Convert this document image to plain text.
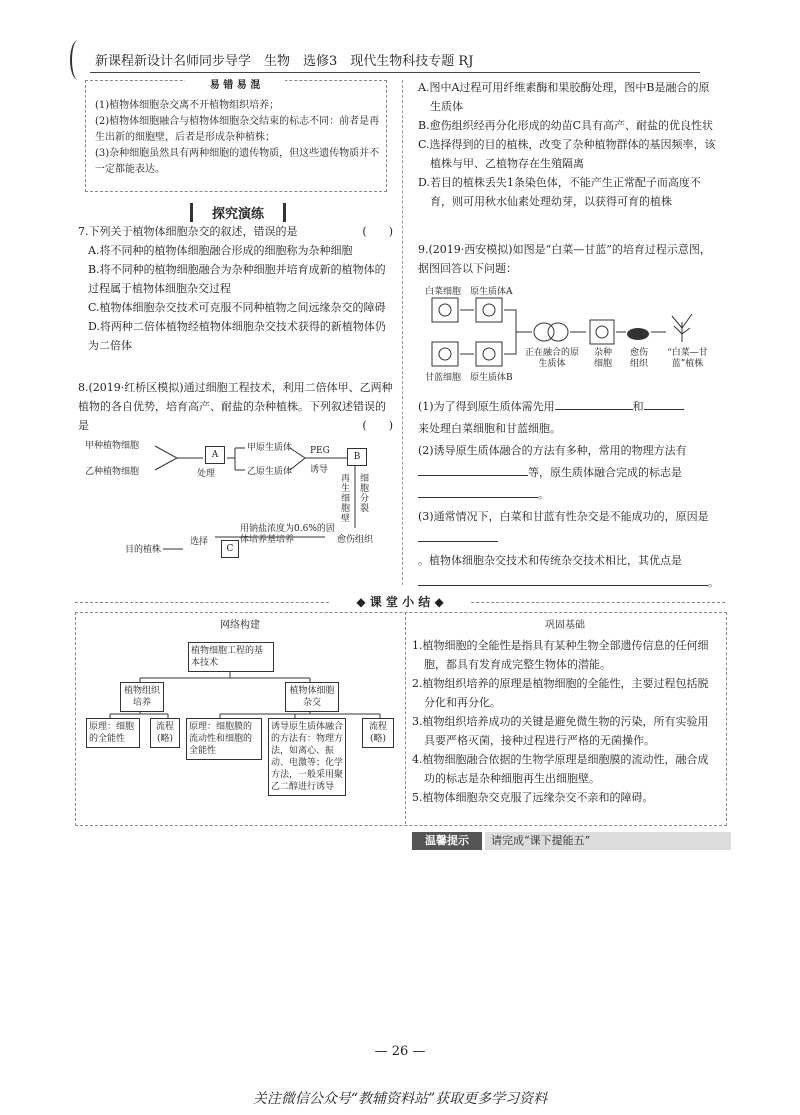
新课程新设计名师同步导学　生物　选修3　现代生物科技专题 RJ
易 错 易 混
(1)植物体细胞杂交离不开植物组织培养；
(2)植物体细胞融合与植物体细胞杂交结束的标志不同：前者是再生出新的细胞壁，后者是形成杂种植株；
(3)杂种细胞虽然具有两种细胞的遗传物质，但这些遗传物质并不一定都能表达。
探究演练
7.下列关于植物体细胞杂交的叙述，错误的是	(　　)
A.将不同种的植物体细胞融合形成的细胞称为杂种细胞
B.将不同种的植物细胞融合为杂种细胞并培育成新的植物体的过程属于植物体细胞杂交过程
C.植物体细胞杂交技术可克服不同种植物之间远缘杂交的障碍
D.将两种二倍体植物经植物体细胞杂交技术获得的新植物体仍为二倍体
8.(2019·红桥区模拟)通过细胞工程技术，利用二倍体甲、乙两种植物的各自优势，培育高产、耐盐的杂种植株。下列叙述错误的是	(　　)
甲种植物细胞
乙种植物细胞
A
处理
甲原生质体
乙原生质体
PEG
诱导
B
再生细胞壁
细胞分裂
愈伤组织
用钠盐浓度为0.6%的固体培养基培养
C
选择
目的植株
A.图中A过程可用纤维素酶和果胶酶处理，图中B是融合的原生质体
B.愈伤组织经再分化形成的幼苗C具有高产、耐盐的优良性状
C.选择得到的目的植株，改变了杂种植物群体的基因频率，该植株与甲、乙植物存在生殖隔离
D.若目的植株丢失1条染色体，不能产生正常配子而高度不育，则可用秋水仙素处理幼芽，以获得可育的植株
9.(2019·西安模拟)如图是“白菜—甘蓝”的培育过程示意图，据图回答以下问题：
白菜细胞 原生质体A
甘蓝细胞 原生质体B
正在融合的原生质体
杂种细胞
愈伤组织
“白菜—甘蓝”植株
(1)为了得到原生质体需先用	和
来处理白菜细胞和甘蓝细胞。
(2)诱导原生质体融合的方法有多种，常用的物理方法有
等，原生质体融合完成的标志是
。
(3)通常情况下，白菜和甘蓝有性杂交是不能成功的，原因是
。植物体细胞杂交技术和传统杂交技术相比，其优点是
。
◆ 课 堂 小 结 ◆
网络构建
植物细胞工程的基本技术
植物组织培养
植物体细胞杂交
原理：细胞的全能性
流程(略)
原理：细胞膜的流动性和细胞的全能性
诱导原生质体融合的方法有：物理方法，如离心、振动、电激等；化学方法，一般采用聚乙二醇进行诱导
流程(略)
巩固基础
1.植物细胞的全能性是指具有某种生物全部遗传信息的任何细胞，都具有发育成完整生物体的潜能。
2.植物组织培养的原理是植物细胞的全能性，主要过程包括脱分化和再分化。
3.植物组织培养成功的关键是避免微生物的污染，所有实验用具要严格灭菌，接种过程进行严格的无菌操作。
4.植物细胞融合依据的生物学原理是细胞膜的流动性，融合成功的标志是杂种细胞再生出细胞壁。
5.植物体细胞杂交克服了远缘杂交不亲和的障碍。
温馨提示	请完成“课下提能五”
— 26 —
关注微信公众号“教辅资料站”获取更多学习资料
